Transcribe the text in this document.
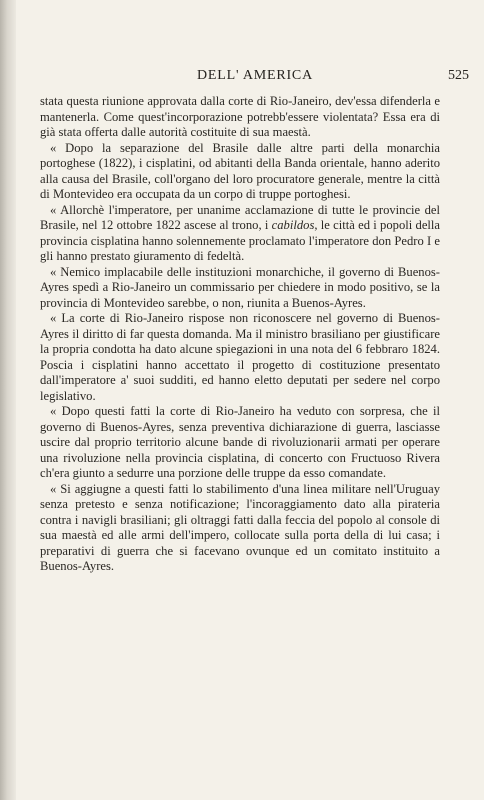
DELL' AMERICA	525

stata questa riunione approvata dalla corte di Rio-Janeiro, dev'essa difenderla e mantenerla. Come quest'incorporazione potrebb'essere violentata? Essa era di già stata offerta dalle autorità costituite di sua maestà.

« Dopo la separazione del Brasile dalle altre parti della monarchia portoghese (1822), i cisplatini, od abitanti della Banda orientale, hanno aderito alla causa del Brasile, coll'organo del loro procuratore generale, mentre la città di Montevideo era occupata da un corpo di truppe portoghesi.

« Allorchè l'imperatore, per unanime acclamazione di tutte le provincie del Brasile, nel 12 ottobre 1822 ascese al trono, i cabildos, le città ed i popoli della provincia cisplatina hanno solennemente proclamato l'imperatore don Pedro I e gli hanno prestato giuramento di fedeltà.

« Nemico implacabile delle instituzioni monarchiche, il governo di Buenos-Ayres spedì a Rio-Janeiro un commissario per chiedere in modo positivo, se la provincia di Montevideo sarebbe, o non, riunita a Buenos-Ayres.

« La corte di Rio-Janeiro rispose non riconoscere nel governo di Buenos-Ayres il diritto di far questa domanda. Ma il ministro brasiliano per giustificare la propria condotta ha dato alcune spiegazioni in una nota del 6 febbraro 1824. Poscia i cisplatini hanno accettato il progetto di costituzione presentato dall'imperatore a' suoi sudditi, ed hanno eletto deputati per sedere nel corpo legislativo.

« Dopo questi fatti la corte di Rio-Janeiro ha veduto con sorpresa, che il governo di Buenos-Ayres, senza preventiva dichiarazione di guerra, lasciasse uscire dal proprio territorio alcune bande di rivoluzionarii armati per operare una rivoluzione nella provincia cisplatina, di concerto con Fructuoso Rivera ch'era giunto a sedurre una porzione delle truppe da esso comandate.

« Si aggiugne a questi fatti lo stabilimento d'una linea militare nell'Uruguay senza pretesto e senza notificazione; l'incoraggiamento dato alla pirateria contra i navigli brasiliani; gli oltraggi fatti dalla feccia del popolo al console di sua maestà ed alle armi dell'impero, collocate sulla porta della di lui casa; i preparativi di guerra che si facevano ovunque ed un comitato instituito a Buenos-Ayres.
